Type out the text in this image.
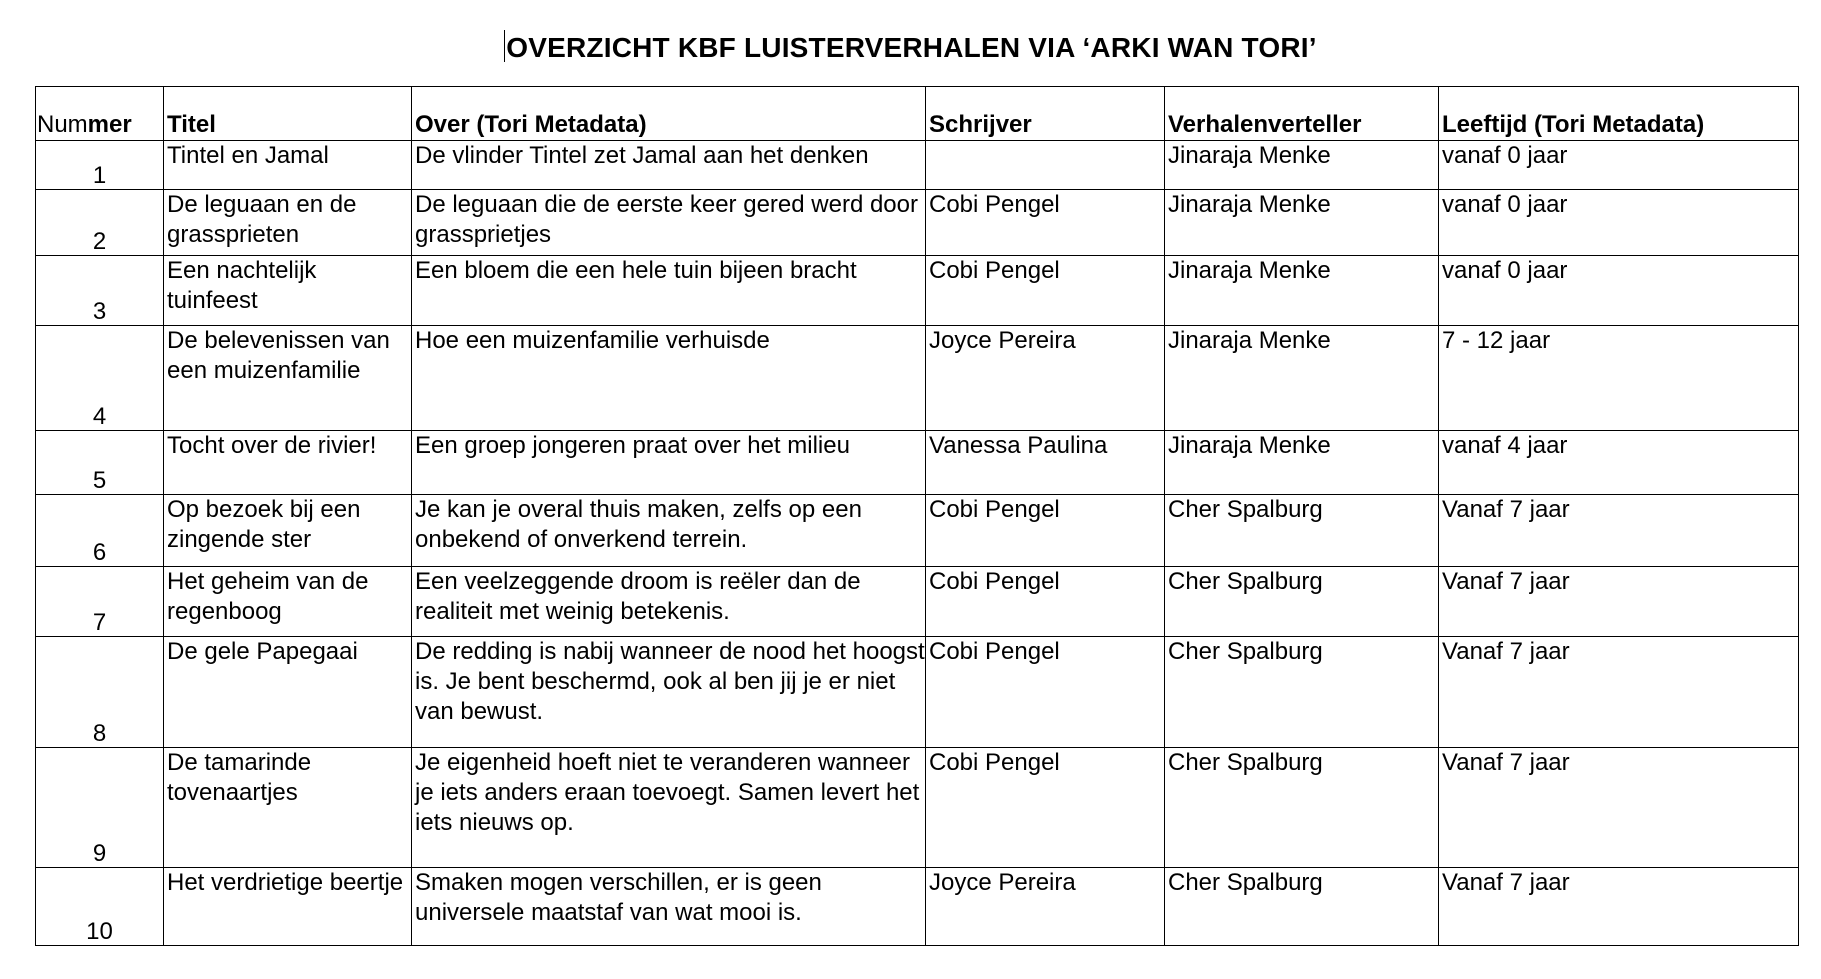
OVERZICHT KBF LUISTERVERHALEN VIA ‘ARKI WAN TORI’
Nummer	Titel	Over (Tori Metadata)	Schrijver	Verhalenverteller	Leeftijd (Tori Metadata)

1	Tintel en Jamal	De vlinder Tintel zet Jamal aan het denken		Jinaraja Menke	vanaf 0 jaar

2	De leguaan en de grassprieten	De leguaan die de eerste keer gered werd door grassprietjes	Cobi Pengel	Jinaraja Menke	vanaf 0 jaar

3	Een nachtelijk tuinfeest	Een bloem die een hele tuin bijeen bracht	Cobi Pengel	Jinaraja Menke	vanaf 0 jaar

4	De belevenissen van een muizenfamilie	Hoe een muizenfamilie verhuisde	Joyce Pereira	Jinaraja Menke	7 - 12 jaar

5	Tocht over de rivier!	Een groep jongeren praat over het milieu	Vanessa Paulina	Jinaraja Menke	vanaf 4 jaar

6	Op bezoek bij een zingende ster	Je kan je overal thuis maken, zelfs op een onbekend of onverkend terrein.	Cobi Pengel	Cher Spalburg	Vanaf 7 jaar

7	Het geheim van de regenboog	Een veelzeggende droom is reëler dan de realiteit met weinig betekenis.	Cobi Pengel	Cher Spalburg	Vanaf 7 jaar

8	De gele Papegaai	De redding is nabij wanneer de nood het hoogst is. Je bent beschermd, ook al ben jij je er niet van bewust.	Cobi Pengel	Cher Spalburg	Vanaf 7 jaar

9	De tamarinde tovenaartjes	Je eigenheid hoeft niet te veranderen wanneer je iets anders eraan toevoegt. Samen levert het iets nieuws op.	Cobi Pengel	Cher Spalburg	Vanaf 7 jaar

10	Het verdrietige beertje	Smaken mogen verschillen, er is geen universele maatstaf van wat mooi is.	Joyce Pereira	Cher Spalburg	Vanaf 7 jaar
